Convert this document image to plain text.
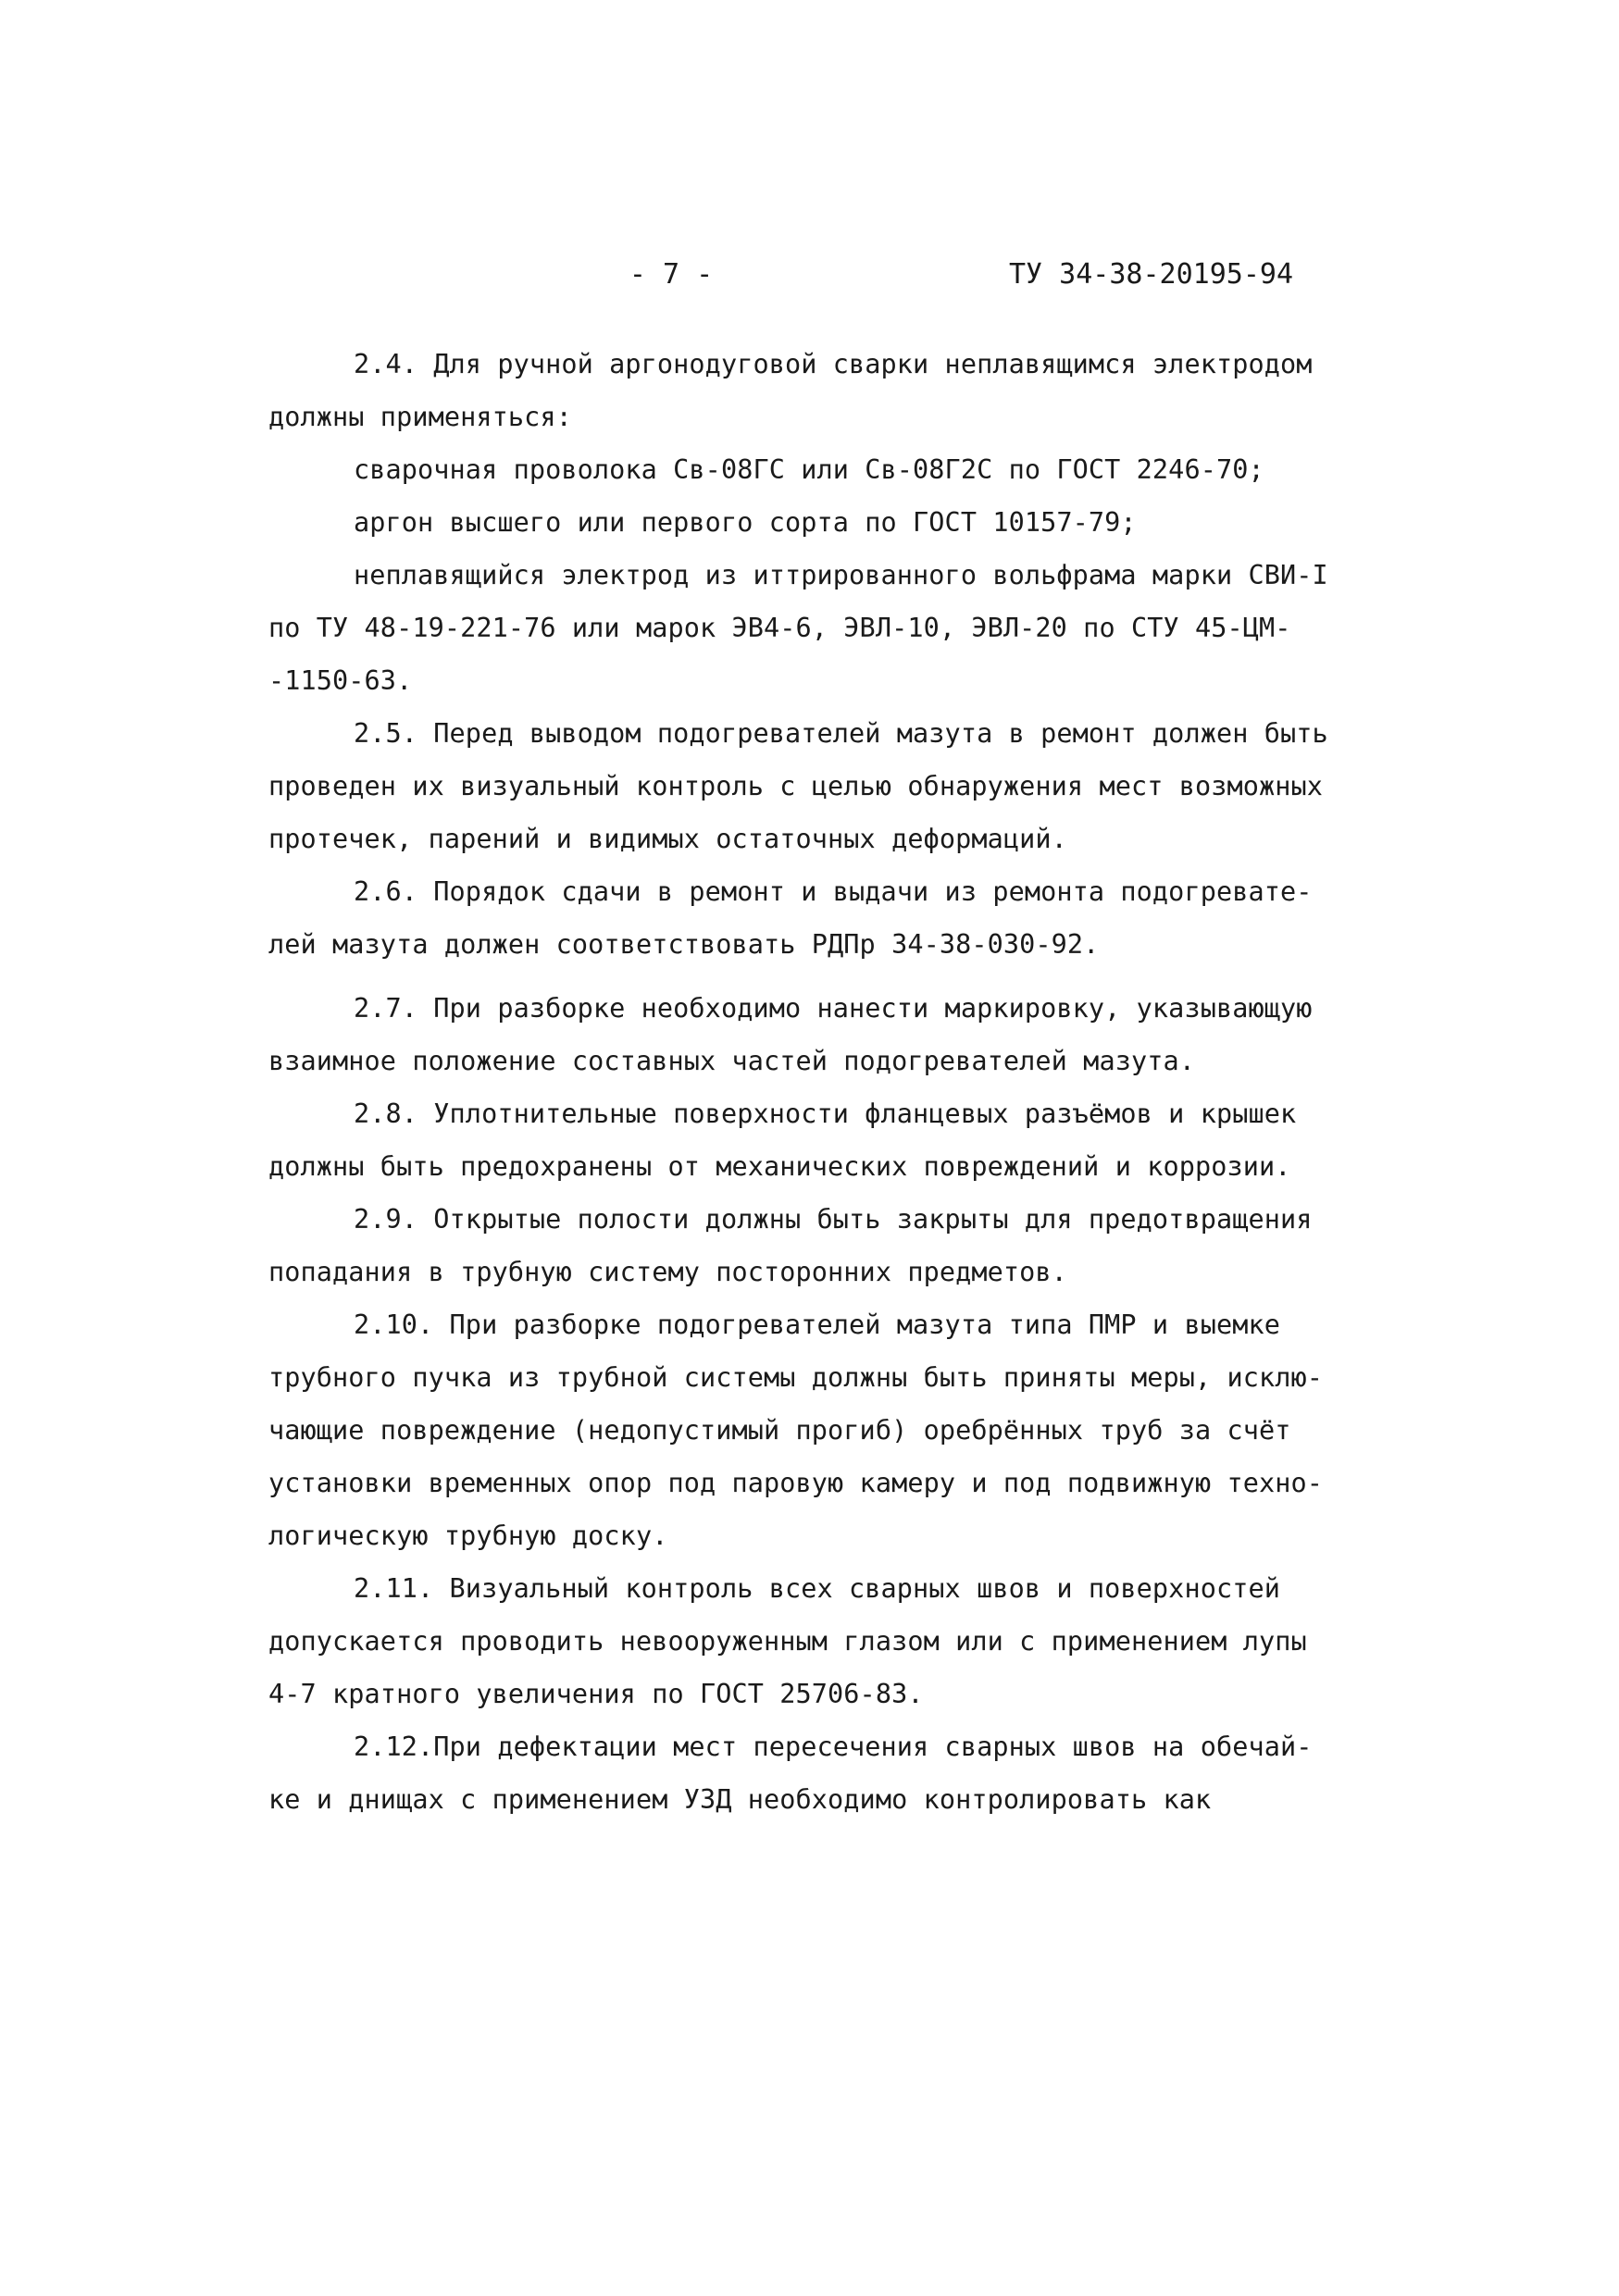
- 7 -	ТУ 34-38-20195-94
2.4. Для ручной аргонодуговой сварки неплавящимся электродом
должны применяться:
сварочная проволока Св-08ГС или Св-08Г2С по ГОСТ 2246-70;
аргон высшего или первого сорта по ГОСТ 10157-79;
неплавящийся электрод из иттрированного вольфрама марки СВИ-I
по ТУ 48-19-221-76 или марок ЭВ4-6, ЭВЛ-10, ЭВЛ-20 по СТУ 45-ЦМ-
-1150-63.
2.5. Перед выводом подогревателей мазута в ремонт должен быть
проведен их визуальный контроль с целью обнаружения мест возможных
протечек, парений и видимых остаточных деформаций.
2.6. Порядок сдачи в ремонт и выдачи из ремонта подогревате-
лей мазута должен соответствовать РДПр 34-38-030-92.
2.7. При разборке необходимо нанести маркировку, указывающую
взаимное положение составных частей подогревателей мазута.
2.8. Уплотнительные поверхности фланцевых разъёмов и крышек
должны быть предохранены от механических повреждений и коррозии.
2.9. Открытые полости должны быть закрыты для предотвращения
попадания в трубную систему посторонних предметов.
2.10. При разборке подогревателей мазута типа ПМР и выемке
трубного пучка из трубной системы должны быть приняты меры, исклю-
чающие повреждение (недопустимый прогиб) оребрённых труб за счёт
установки временных опор под паровую камеру и под подвижную техно-
логическую трубную доску.
2.11. Визуальный контроль всех сварных швов и поверхностей
допускается проводить невооруженным глазом или с применением лупы
4-7 кратного увеличения по ГОСТ 25706-83.
2.12.При дефектации мест пересечения сварных швов на обечай-
ке и днищах с применением УЗД необходимо контролировать как
